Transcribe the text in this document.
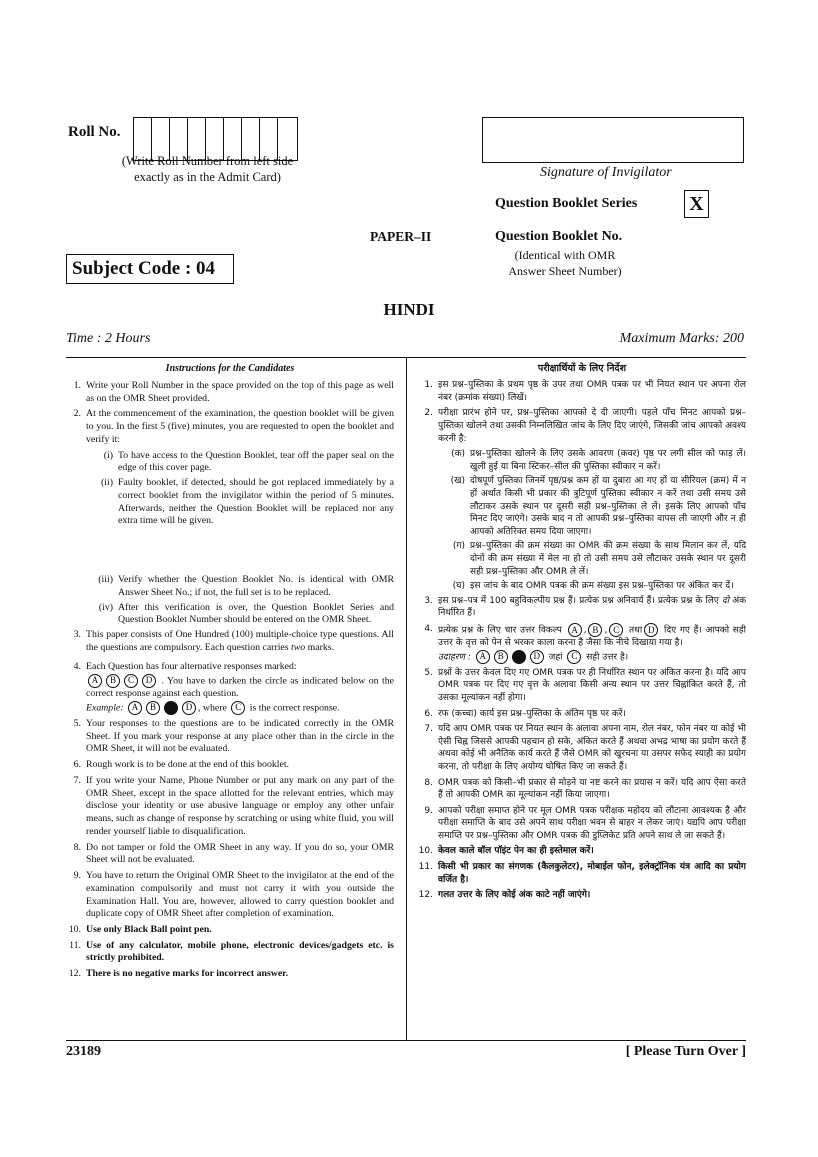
Roll No.
(Write Roll Number from left side
exactly as in the Admit Card)	Signature of Invigilator
Question Booklet Series	X
PAPER–II	Question Booklet No.
(Identical with OMR
Answer Sheet Number)
Subject Code : 04
HINDI
Time : 2 Hours	Maximum Marks: 200
Instructions for the Candidates
1. Write your Roll Number in the space provided on the top of this page as well as on the OMR Sheet provided.
2. At the commencement of the examination, the question booklet will be given to you. In the first 5 (five) minutes, you are requested to open the booklet and verify it:
(i) To have access to the Question Booklet, tear off the paper seal on the edge of this cover page.
(ii) Faulty booklet, if detected, should be got replaced immediately by a correct booklet from the invigilator within the period of 5 minutes. Afterwards, neither the Question Booklet will be replaced nor any extra time will be given.
(iii) Verify whether the Question Booklet No. is identical with OMR Answer Sheet No.; if not, the full set is to be replaced.
(iv) After this verification is over, the Question Booklet Series and Question Booklet Number should be entered on the OMR Sheet.
3. This paper consists of One Hundred (100) multiple-choice type questions. All the questions are compulsory. Each question carries two marks.
4. Each Question has four alternative responses marked:
A B C D . You have to darken the circle as indicated below on the correct response against each question.
Example: A B	D , where C is the correct response.
5. Your responses to the questions are to be indicated correctly in the OMR Sheet. If you mark your response at any place other than in the circle in the OMR Sheet, it will not be evaluated.
6. Rough work is to be done at the end of this booklet.
7. If you write your Name, Phone Number or put any mark on any part of the OMR Sheet, except in the space allotted for the relevant entries, which may disclose your identity or use abusive language or employ any other unfair means, such as change of response by scratching or using white fluid, you will render yourself liable to disqualification.
8. Do not tamper or fold the OMR Sheet in any way. If you do so, your OMR Sheet will not be evaluated.
9. You have to return the Original OMR Sheet to the invigilator at the end of the examination compulsorily and must not carry it with you outside the Examination Hall. You are, however, allowed to carry question booklet and duplicate copy of OMR Sheet after completion of examination.
10. Use only Black Ball point pen.
11. Use of any calculator, mobile phone, electronic devices/gadgets etc. is strictly prohibited.
12. There is no negative marks for incorrect answer.
परीक्षार्थियों के लिए निर्देश
1. इस प्रश्न–पुस्तिका के प्रथम पृष्ठ के उपर तथा OMR पत्रक पर भी नियत स्थान पर अपना रोल नंबर (क्रमांक संख्या) लिखें।
2. परीक्षा प्रारंभ होने पर, प्रश्न–पुस्तिका आपको दे दी जाएगी। पहले पाँच मिनट आपको प्रश्न–पुस्तिका खोलने तथा उसकी निम्नलिखित जांच के लिए दिए जाएंगे, जिसकी जांच आपको अवश्य करनी है:
(क) प्रश्न–पुस्तिका खोलने के लिए उसके आवरण (कवर) पृष्ठ पर लगी सील को फाड़ लें। खुली हुई या बिना स्टिकर–सील की पुस्तिका स्वीकार न करें।
(ख) दोषपूर्ण पुस्तिका जिनमें पृष्ठ/प्रश्न कम हों या दुबारा आ गए हों या सीरियल (क्रम) में न हों अर्थात किसी भी प्रकार की त्रुटिपूर्ण पुस्तिका स्वीकार न करें तथा उसी समय उसे लौटाकर उसके स्थान पर दूसरी सही प्रश्न–पुस्तिका ले लें। इसके लिए आपको पाँच मिनट दिए जाएंगे। उसके बाद न तो आपकी प्रश्न–पुस्तिका वापस ली जाएगी और न ही आपको अतिरिक्त समय दिया जाएगा।
(ग) प्रश्न–पुस्तिका की क्रम संख्या का OMR की क्रम संख्या के साथ मिलान कर लें, यदि दोनों की क्रम संख्या में मेल ना हो तो उसी समय उसे लौटाकर उसके स्थान पर दूसरी सही प्रश्न–पुस्तिका और OMR ले लें।
(घ) इस जांच के बाद OMR पत्रक की क्रम संख्या इस प्रश्न–पुस्तिका पर अंकित कर दें।
3. इस प्रश्न–पत्र में 100 बहुविकल्पीय प्रश्न हैं। प्रत्येक प्रश्न अनिवार्य हैं। प्रत्येक प्रश्न के लिए दो अंक निर्धारित हैं।
4. प्रत्येक प्रश्न के लिए चार उत्तर विकल्प A , B , C तथा D दिए गए हैं। आपको सही उत्तर के वृत्त को पेन से भरकर काला करना है जैसा कि नीचे दिखाया गया है।
उदाहरण : A B	D जहां C सही उत्तर है।
5. प्रश्नों के उत्तर केवल दिए गए OMR पत्रक पर ही निर्धारित स्थान पर अंकित करना है। यदि आप OMR पत्रक पर दिए गए वृत्त के अलावा किसी अन्य स्थान पर उत्तर चिह्नांकित करते हैं, तो उसका मूल्यांकन नहीं होगा।
6. रफ (कच्चा) कार्य इस प्रश्न–पुस्तिका के अंतिम पृष्ठ पर करें।
7. यदि आप OMR पत्रक पर नियत स्थान के अलावा अपना नाम, रोल नंबर, फोन नंबर या कोई भी ऐसी चिह्न जिससे आपकी पहचान हो सके, अंकित करते हैं अथवा अभद्र भाषा का प्रयोग करते हैं अथवा कोई भी अनैतिक कार्य करते हैं जैसे OMR को खुरचना या उसपर सफेद स्याही का प्रयोग करना, तो परीक्षा के लिए अयोग्य घोषित किए जा सकते हैं।
8. OMR पत्रक को किसी–भी प्रकार से मोड़ने या नष्ट करने का प्रयास न करें। यदि आप ऐसा करते हैं तो आपकी OMR का मूल्यांकन नहीं किया जाएगा।
9. आपको परीक्षा समाप्त होने पर मूल OMR पत्रक परीक्षक महोदय को लौटाना आवश्यक है और परीक्षा समाप्ति के बाद उसे अपने साथ परीक्षा भवन से बाहर न लेकर जाएं। यद्यपि आप परीक्षा समाप्ति पर प्रश्न–पुस्तिका और OMR पत्रक की डुप्लिकेट प्रति अपने साथ ले जा सकते हैं।
10. केवल काले बॉल पॉइंट पेन का ही इस्तेमाल करें।
11. किसी भी प्रकार का संगणक (कैलकुलेटर), मोबाईल फोन, इलेक्ट्रॉनिक यंत्र आदि का प्रयोग वर्जित है।
12. गलत उत्तर के लिए कोई अंक काटे नहीं जाएंगे।
23189	[ Please Turn Over ]
